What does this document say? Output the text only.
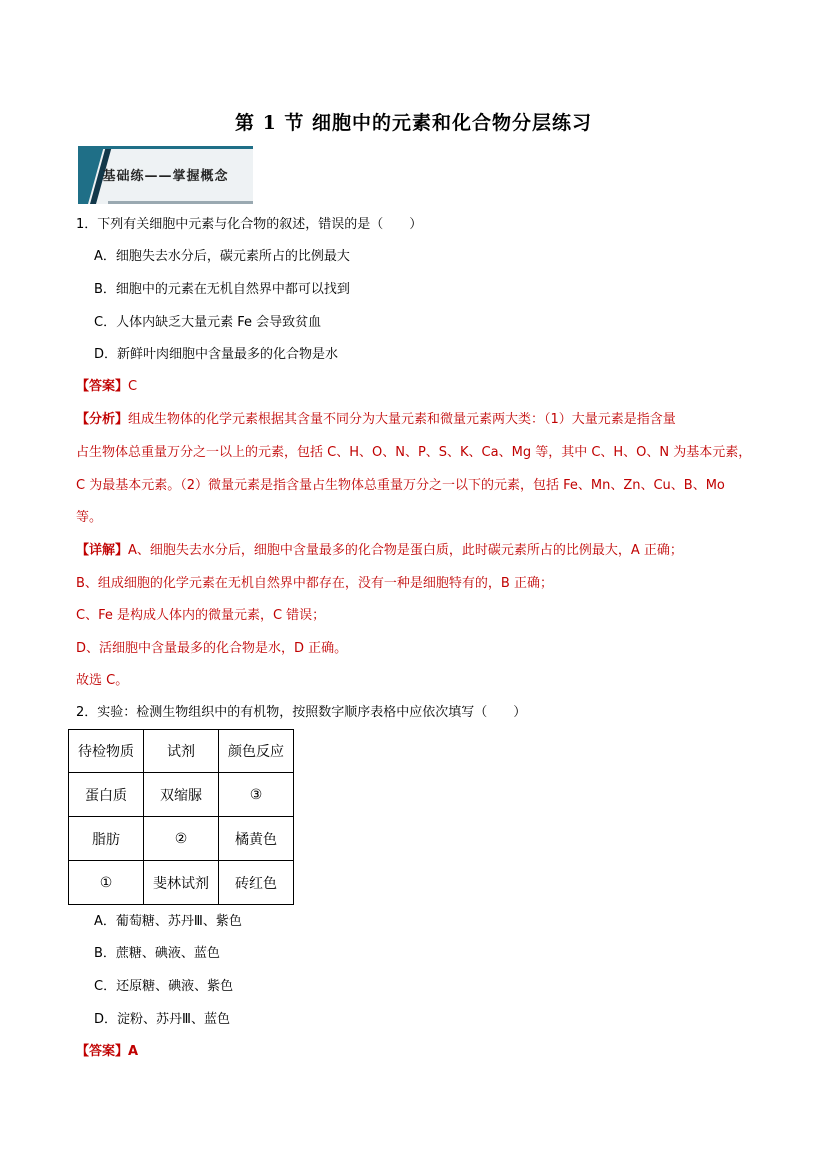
第 1 节 细胞中的元素和化合物分层练习
基础练——掌握概念
1．下列有关细胞中元素与化合物的叙述，错误的是（　　）
A．细胞失去水分后，碳元素所占的比例最大
B．细胞中的元素在无机自然界中都可以找到
C．人体内缺乏大量元素 Fe 会导致贫血
D．新鲜叶肉细胞中含量最多的化合物是水
【答案】C
【分析】组成生物体的化学元素根据其含量不同分为大量元素和微量元素两大类：（1）大量元素是指含量
占生物体总重量万分之一以上的元素，包括 C、H、O、N、P、S、K、Ca、Mg 等，其中 C、H、O、N 为基本元素，
C 为最基本元素。（2）微量元素是指含量占生物体总重量万分之一以下的元素，包括 Fe、Mn、Zn、Cu、B、Mo
等。
【详解】A、细胞失去水分后，细胞中含量最多的化合物是蛋白质，此时碳元素所占的比例最大，A 正确；
B、组成细胞的化学元素在无机自然界中都存在，没有一种是细胞特有的，B 正确；
C、Fe 是构成人体内的微量元素，C 错误；
D、活细胞中含量最多的化合物是水，D 正确。
故选 C。
2．实验：检测生物组织中的有机物，按照数字顺序表格中应依次填写（　　）
待检物质	试剂	颜色反应
蛋白质	双缩脲	③
脂肪	②	橘黄色
①	斐林试剂	砖红色
A．葡萄糖、苏丹Ⅲ、紫色
B．蔗糖、碘液、蓝色
C．还原糖、碘液、紫色
D．淀粉、苏丹Ⅲ、蓝色
【答案】A
